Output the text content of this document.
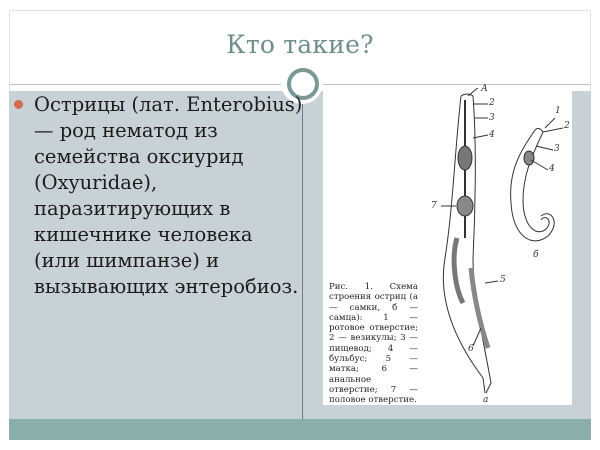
Кто такие?
Острицы (лат. Enterobius) — род нематод из семейства оксиурид (Oxyuridae), паразитирующих в кишечнике человека (или шимпанзе) и вызывающих энтеробиоз.
А
2
3
4
7
5
6
а
1
2
3
4
б
Рис. 1. Схема строения остриц (а — самки, б — самца): 1 — ротовое отверстие; 2 — везикулы; 3 — пищевод; 4 — бульбус; 5 — матка; 6 — анальное отверстие; 7 — половое отверстие.
